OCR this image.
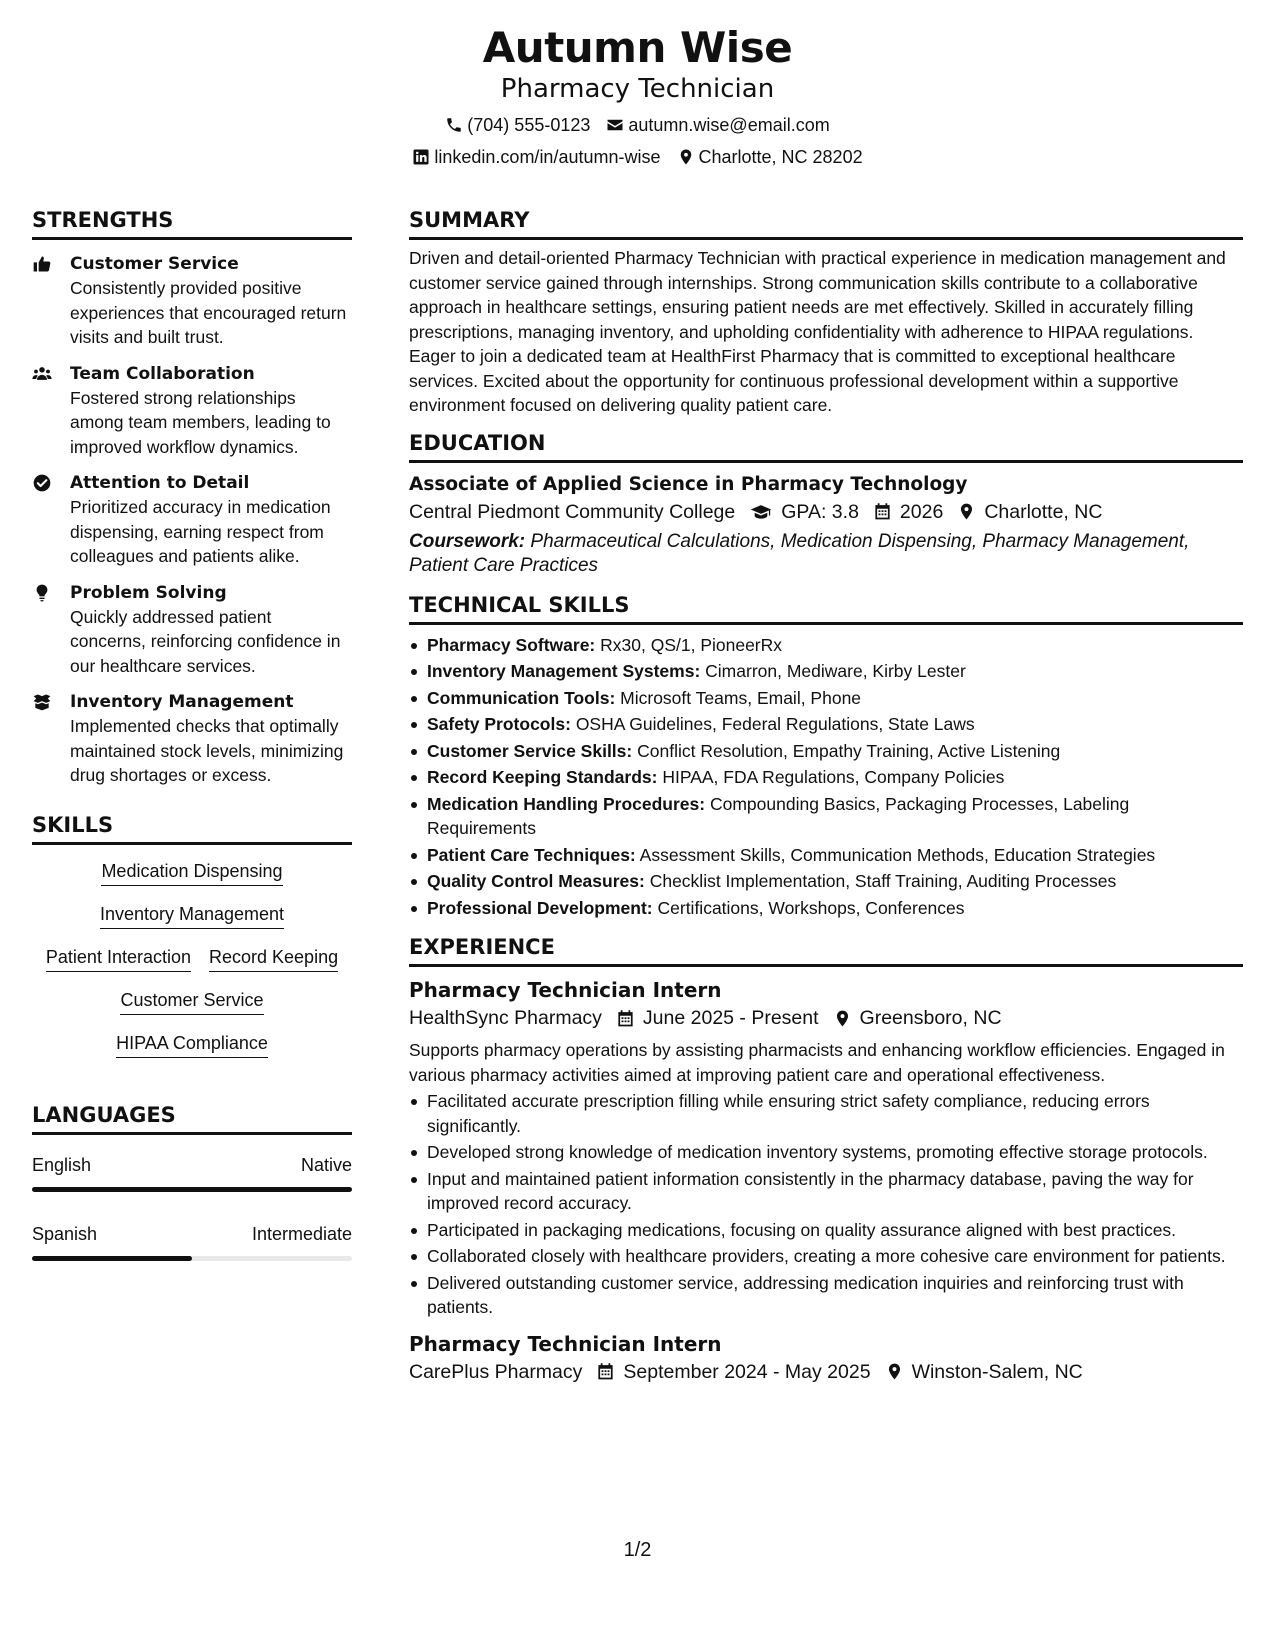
Autumn Wise
Pharmacy Technician
(704) 555-0123 autumn.wise@email.com
linkedin.com/in/autumn-wise Charlotte, NC 28202
STRENGTHS
Customer Service
Consistently provided positive experiences that encouraged return visits and built trust.
Team Collaboration
Fostered strong relationships among team members, leading to improved workflow dynamics.
Attention to Detail
Prioritized accuracy in medication dispensing, earning respect from colleagues and patients alike.
Problem Solving
Quickly addressed patient concerns, reinforcing confidence in our healthcare services.
Inventory Management
Implemented checks that optimally maintained stock levels, minimizing drug shortages or excess.
SKILLS
Medication Dispensing
Inventory Management
Patient Interaction Record Keeping
Customer Service
HIPAA Compliance
LANGUAGES
English	Native
Spanish	Intermediate
SUMMARY
Driven and detail-oriented Pharmacy Technician with practical experience in medication management and customer service gained through internships. Strong communication skills contribute to a collaborative approach in healthcare settings, ensuring patient needs are met effectively. Skilled in accurately filling prescriptions, managing inventory, and upholding confidentiality with adherence to HIPAA regulations. Eager to join a dedicated team at HealthFirst Pharmacy that is committed to exceptional healthcare services. Excited about the opportunity for continuous professional development within a supportive environment focused on delivering quality patient care.
EDUCATION
Associate of Applied Science in Pharmacy Technology
Central Piedmont Community College GPA: 3.8 2026 Charlotte, NC
Coursework: Pharmaceutical Calculations, Medication Dispensing, Pharmacy Management, Patient Care Practices
TECHNICAL SKILLS
Pharmacy Software: Rx30, QS/1, PioneerRx
Inventory Management Systems: Cimarron, Mediware, Kirby Lester
Communication Tools: Microsoft Teams, Email, Phone
Safety Protocols: OSHA Guidelines, Federal Regulations, State Laws
Customer Service Skills: Conflict Resolution, Empathy Training, Active Listening
Record Keeping Standards: HIPAA, FDA Regulations, Company Policies
Medication Handling Procedures: Compounding Basics, Packaging Processes, Labeling Requirements
Patient Care Techniques: Assessment Skills, Communication Methods, Education Strategies
Quality Control Measures: Checklist Implementation, Staff Training, Auditing Processes
Professional Development: Certifications, Workshops, Conferences
EXPERIENCE
Pharmacy Technician Intern
HealthSync Pharmacy June 2025 - Present Greensboro, NC
Supports pharmacy operations by assisting pharmacists and enhancing workflow efficiencies. Engaged in various pharmacy activities aimed at improving patient care and operational effectiveness.
Facilitated accurate prescription filling while ensuring strict safety compliance, reducing errors significantly.
Developed strong knowledge of medication inventory systems, promoting effective storage protocols.
Input and maintained patient information consistently in the pharmacy database, paving the way for improved record accuracy.
Participated in packaging medications, focusing on quality assurance aligned with best practices.
Collaborated closely with healthcare providers, creating a more cohesive care environment for patients.
Delivered outstanding customer service, addressing medication inquiries and reinforcing trust with patients.
Pharmacy Technician Intern
CarePlus Pharmacy September 2024 - May 2025 Winston-Salem, NC
1/2
